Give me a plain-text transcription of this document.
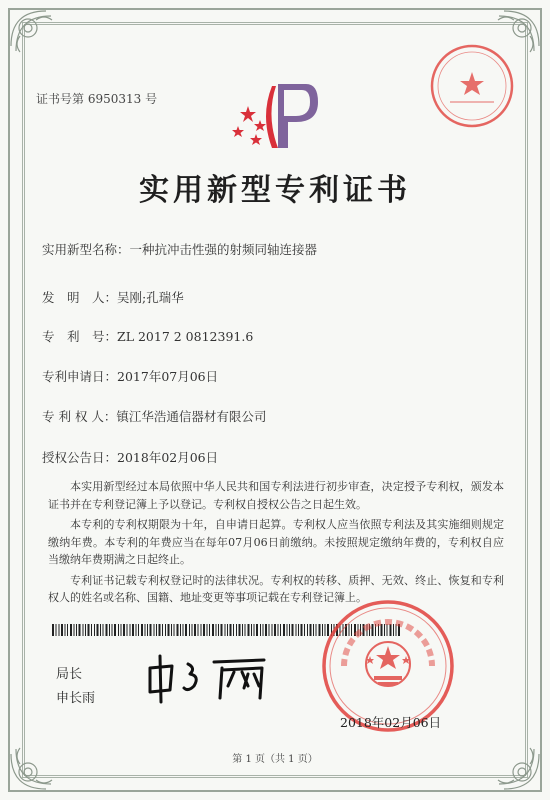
证书号第 6950313 号
实用新型专利证书
实用新型名称：一种抗冲击性强的射频同轴连接器
发　明　人：吴刚;孔瑞华
专　利　号：ZL 2017 2 0812391.6
专利申请日：2017年07月06日
专 利 权 人：镇江华浩通信器材有限公司
授权公告日：2018年02月06日

本实用新型经过本局依照中华人民共和国专利法进行初步审查，决定授予专利权，颁发本证书并在专利登记簿上予以登记。专利权自授权公告之日起生效。

本专利的专利权期限为十年，自申请日起算。专利权人应当依照专利法及其实施细则规定缴纳年费。本专利的年费应当在每年07月06日前缴纳。未按照规定缴纳年费的，专利权自应当缴纳年费期满之日起终止。

专利证书记载专利权登记时的法律状况。专利权的转移、质押、无效、终止、恢复和专利权人的姓名或名称、国籍、地址变更等事项记载在专利登记簿上。

局长
申长雨
2018年02月06日
第 1 页（共 1 页）
